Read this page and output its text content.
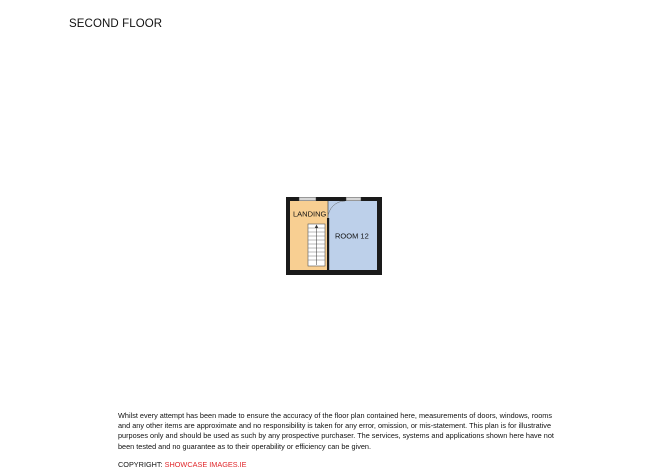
SECOND FLOOR
LANDING
ROOM 12
Whilst every attempt has been made to ensure the accuracy of the floor plan contained here, measurements of doors, windows, rooms and any other items are approximate and no responsibility is taken for any error, omission, or mis-statement. This plan is for illustrative purposes only and should be used as such by any prospective purchaser. The services, systems and applications shown here have not been tested and no guarantee as to their operability or efficiency can be given.
COPYRIGHT: SHOWCASE IMAGES.IE
